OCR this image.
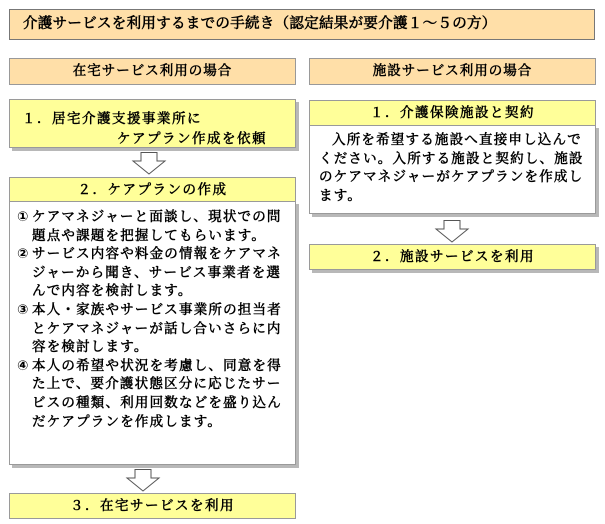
介護サービスを利用するまでの手続き（認定結果が要介護１～５の方）
在宅サービス利用の場合	施設サービス利用の場合
１．居宅介護支援事業所に
ケアプラン作成を依頼
２．ケアプランの作成
① ケアマネジャーと面談し、現状での問題点や課題を把握してもらいます。
② サービス内容や料金の情報をケアマネジャーから聞き、サービス事業者を選んで内容を検討します。
③ 本人・家族やサービス事業所の担当者とケアマネジャーが話し合いさらに内容を検討します。
④ 本人の希望や状況を考慮し、同意を得た上で、要介護状態区分に応じたサービスの種類、利用回数などを盛り込んだケアプランを作成します。
３．在宅サービスを利用
１．介護保険施設と契約
入所を希望する施設へ直接申し込んでください。入所する施設と契約し、施設のケアマネジャーがケアプランを作成します。
２．施設サービスを利用
